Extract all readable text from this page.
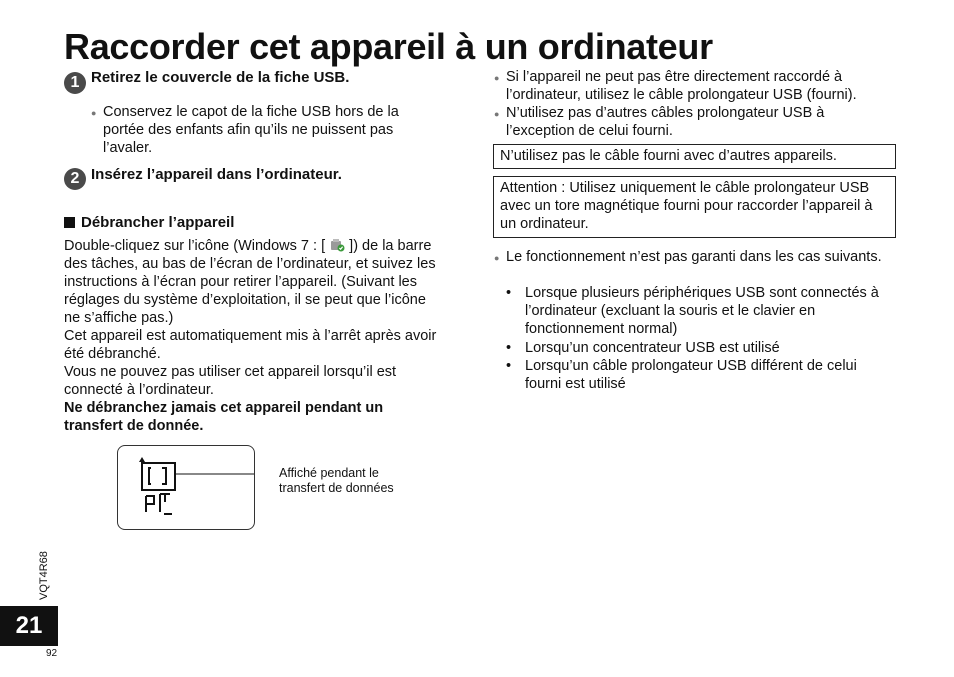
Raccorder cet appareil à un ordinateur
1 Retirez le couvercle de la fiche USB.
● Conservez le capot de la fiche USB hors de la portée des enfants afin qu’ils ne puissent pas l’avaler.
2 Insérez l’appareil dans l’ordinateur.
Débrancher l’appareil
Double-cliquez sur l’icône (Windows 7 : [ ]) de la barre des tâches, au bas de l’écran de l’ordinateur, et suivez les instructions à l’écran pour retirer l’appareil. (Suivant les réglages du système d’exploitation, il se peut que l’icône ne s’affiche pas.)
Cet appareil est automatiquement mis à l’arrêt après avoir été débranché.
Vous ne pouvez pas utiliser cet appareil lorsqu’il est connecté à l’ordinateur.
Ne débranchez jamais cet appareil pendant un transfert de donnée.
Affiché pendant le transfert de données
● Si l’appareil ne peut pas être directement raccordé à l’ordinateur, utilisez le câble prolongateur USB (fourni).
● N’utilisez pas d’autres câbles prolongateur USB à l’exception de celui fourni.
N’utilisez pas le câble fourni avec d’autres appareils.
Attention : Utilisez uniquement le câble prolongateur USB avec un tore magnétique fourni pour raccorder l’appareil à un ordinateur.
● Le fonctionnement n’est pas garanti dans les cas suivants.
• Lorsque plusieurs périphériques USB sont connectés à l’ordinateur (excluant la souris et le clavier en fonctionnement normal)
• Lorsqu’un concentrateur USB est utilisé
• Lorsqu’un câble prolongateur USB différent de celui fourni est utilisé
VQT4R68
21
92
